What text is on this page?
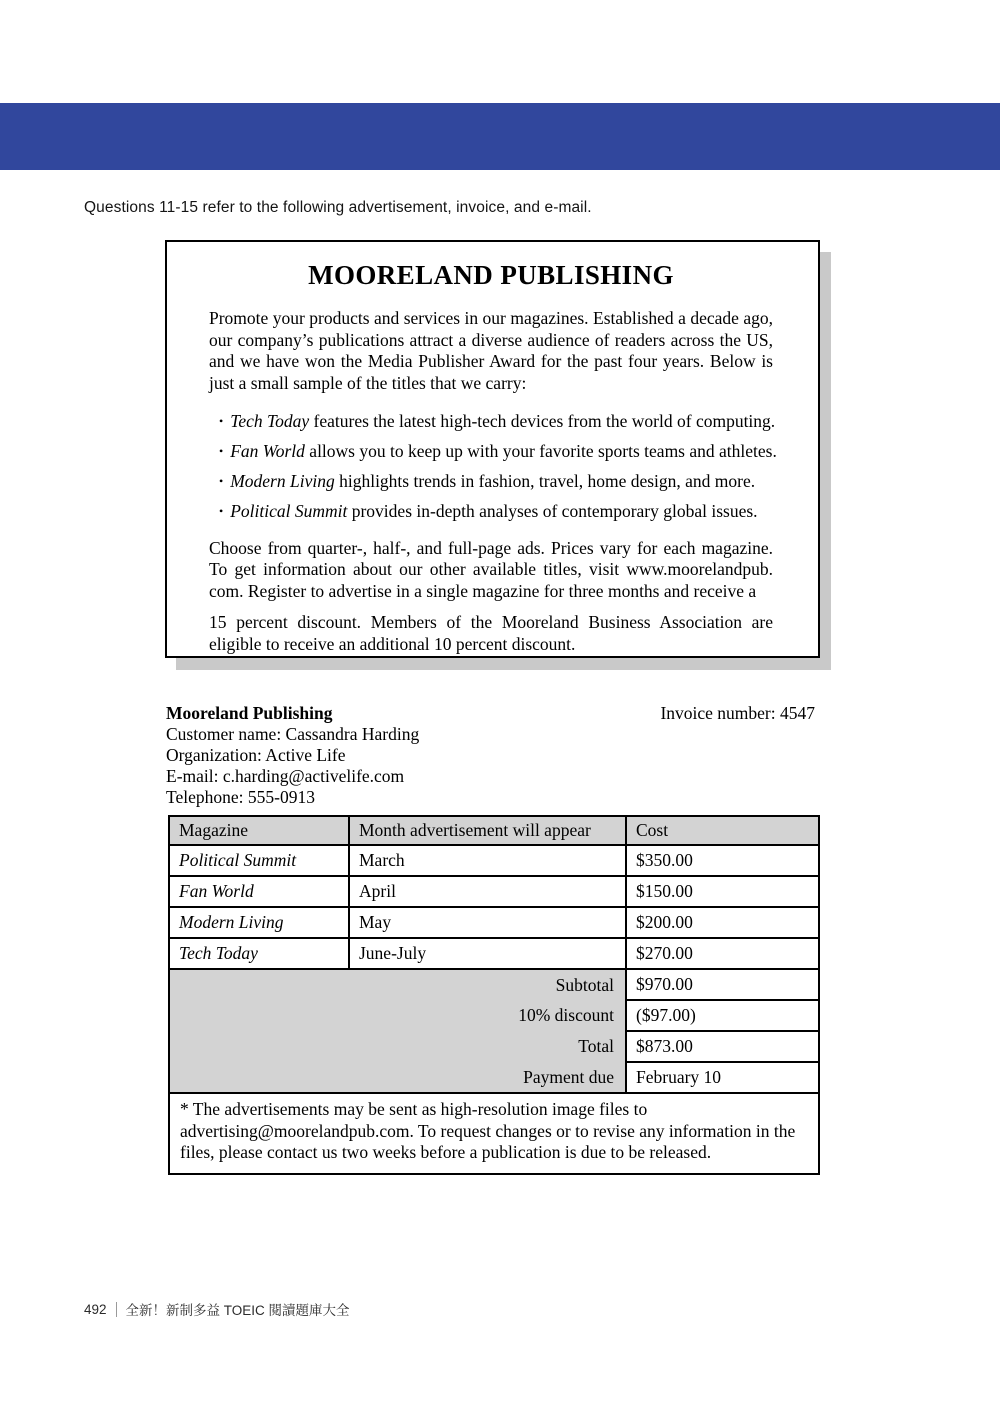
Questions 11-15 refer to the following advertisement, invoice, and e-mail.
MOORELAND PUBLISHING

Promote your products and services in our magazines. Established a decade ago, our company’s publications attract a diverse audience of readers across the US, and we have won the Media Publisher Award for the past four years. Below is just a small sample of the titles that we carry:

• Tech Today features the latest high-tech devices from the world of computing.
• Fan World allows you to keep up with your favorite sports teams and athletes.
• Modern Living highlights trends in fashion, travel, home design, and more.
• Political Summit provides in-depth analyses of contemporary global issues.

Choose from quarter-, half-, and full-page ads. Prices vary for each magazine. To get information about our other available titles, visit www.moorelandpub. com. Register to advertise in a single magazine for three months and receive a

15 percent discount. Members of the Mooreland Business Association are eligible to receive an additional 10 percent discount.

Mooreland Publishing	Invoice number: 4547
Customer name: Cassandra Harding
Organization: Active Life
E-mail: c.harding@activelife.com
Telephone: 555-0913
Magazine	Month advertisement will appear	Cost
Political Summit	March	$350.00
Fan World	April	$150.00
Modern Living	May	$200.00
Tech Today	June-July	$270.00
Subtotal		$970.00
10% discount		($97.00)
Total		$873.00
Payment due		February 10
* The advertisements may be sent as high-resolution image files to advertising@moorelandpub.com. To request changes or to revise any information in the files, please contact us two weeks before a publication is due to be released.		
492 全新！新制多益 TOEIC 閱讀題庫大全
